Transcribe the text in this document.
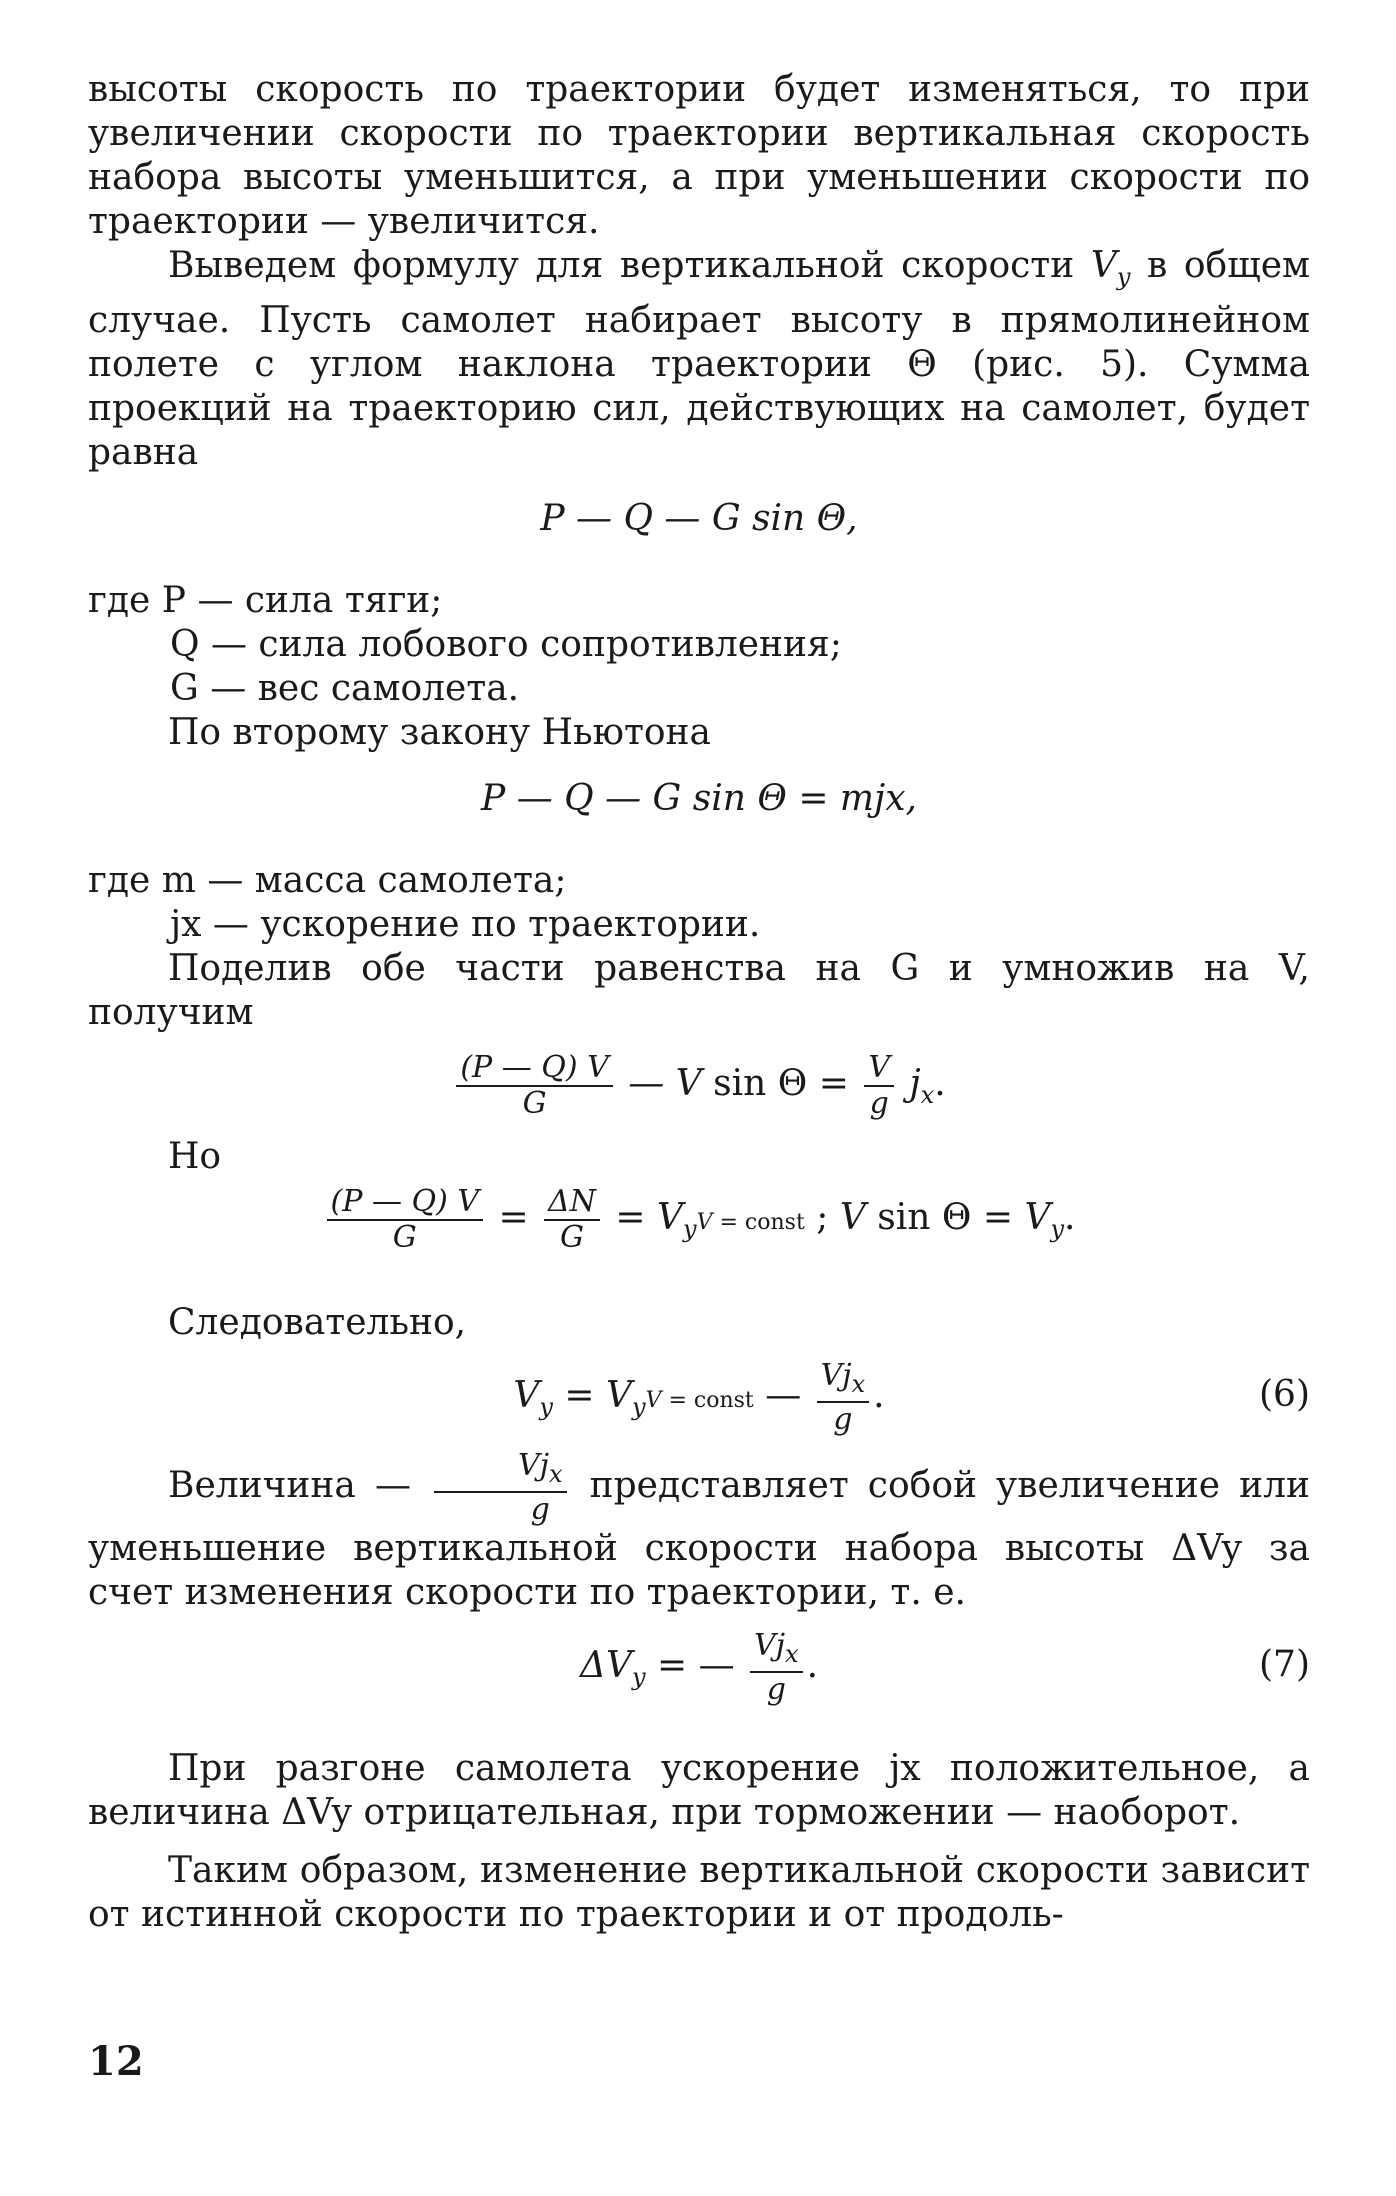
высоты скорость по траектории будет изменяться, то при увеличении скорости по траектории вертикальная скорость набора высоты уменьшится, а при уменьшении скорости по траектории — увеличится.

Выведем формулу для вертикальной скорости $V_y$ в общем случае. Пусть самолет набирает высоту в прямолинейном полете с углом наклона траектории Θ (рис. 5). Сумма проекций на траекторию сил, действующих на самолет, будет равна

P — Q — G sin Θ,

где P — сила тяги;

Q — сила лобового сопротивления;

G — вес самолета.

По второму закону Ньютона

P — Q — G sin Θ = mjx,

где m — масса самолета;

jx — ускорение по траектории.

Поделив обе части равенства на G и умножив на V, получим

$\frac{(P — Q) V}{G}$ — V $\sin \Theta = \frac{V}{g} j_x$.

Но

$\frac{(P — Q) V}{G} = \frac{\Delta N}{G} = V_yV$ = const ; V $\sin \Theta = V_y$.

Следовательно,

$V_y = V_yV$ = const — $\frac{Vj_x}{g}$ .	(6)

Величина — $\frac{Vj_x}{g}$ представляет собой увеличение или уменьшение вертикальной скорости набора высоты ΔVy за счет изменения скорости по траектории, т. е.

$\Delta V_y$ = — $\frac{Vj_x}{g}$ .	(7)

При разгоне самолета ускорение jx положительное, а величина ΔVy отрицательная, при торможении — наоборот.

Таким образом, изменение вертикальной скорости зависит от истинной скорости по траектории и от продоль-

12
